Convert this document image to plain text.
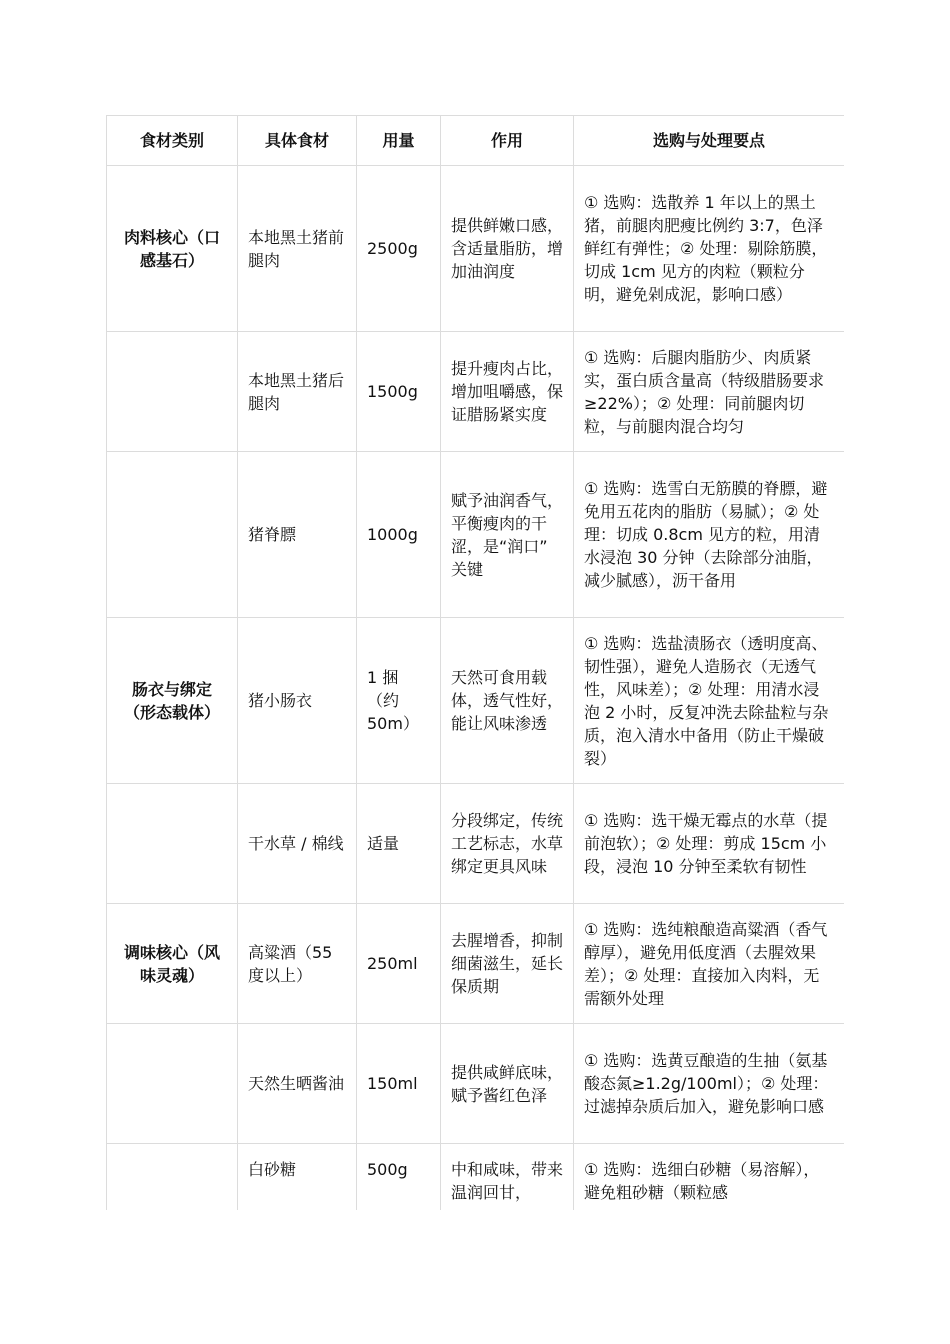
食材类别	具体食材	用量	作用	选购与处理要点
肉料核心（口感基石）	本地黑土猪前腿肉	2500g	提供鲜嫩口感，含适量脂肪，增加油润度	① 选购：选散养 1 年以上的黑土猪，前腿肉肥瘦比例约 3:7，色泽鲜红有弹性；② 处理：剔除筋膜，切成 1cm 见方的肉粒（颗粒分明，避免剁成泥，影响口感）
	本地黑土猪后腿肉	1500g	提升瘦肉占比，增加咀嚼感，保证腊肠紧实度	① 选购：后腿肉脂肪少、肉质紧实，蛋白质含量高（特级腊肠要求≥22%）；② 处理：同前腿肉切粒，与前腿肉混合均匀
	猪脊膘	1000g	赋予油润香气，平衡瘦肉的干涩，是“润口” 关键	① 选购：选雪白无筋膜的脊膘，避免用五花肉的脂肪（易腻）；② 处理：切成 0.8cm 见方的粒，用清水浸泡 30 分钟（去除部分油脂，减少腻感），沥干备用
肠衣与绑定（形态载体）	猪小肠衣	1 捆（约 50m）	天然可食用载体，透气性好，能让风味渗透	① 选购：选盐渍肠衣（透明度高、韧性强），避免人造肠衣（无透气性，风味差）；② 处理：用清水浸泡 2 小时，反复冲洗去除盐粒与杂质，泡入清水中备用（防止干燥破裂）
	干水草 / 棉线	适量	分段绑定，传统工艺标志，水草绑定更具风味	① 选购：选干燥无霉点的水草（提前泡软）；② 处理：剪成 15cm 小段，浸泡 10 分钟至柔软有韧性
调味核心（风味灵魂）	高粱酒（55 度以上）	250ml	去腥增香，抑制细菌滋生，延长保质期	① 选购：选纯粮酿造高粱酒（香气醇厚），避免用低度酒（去腥效果差）；② 处理：直接加入肉料，无需额外处理
	天然生晒酱油	150ml	提供咸鲜底味，赋予酱红色泽	① 选购：选黄豆酿造的生抽（氨基酸态氮≥1.2g/100ml）；② 处理：过滤掉杂质后加入，避免影响口感
	白砂糖	500g	中和咸味，带来温润回甘，	① 选购：选细白砂糖（易溶解），避免粗砂糖（颗粒感
